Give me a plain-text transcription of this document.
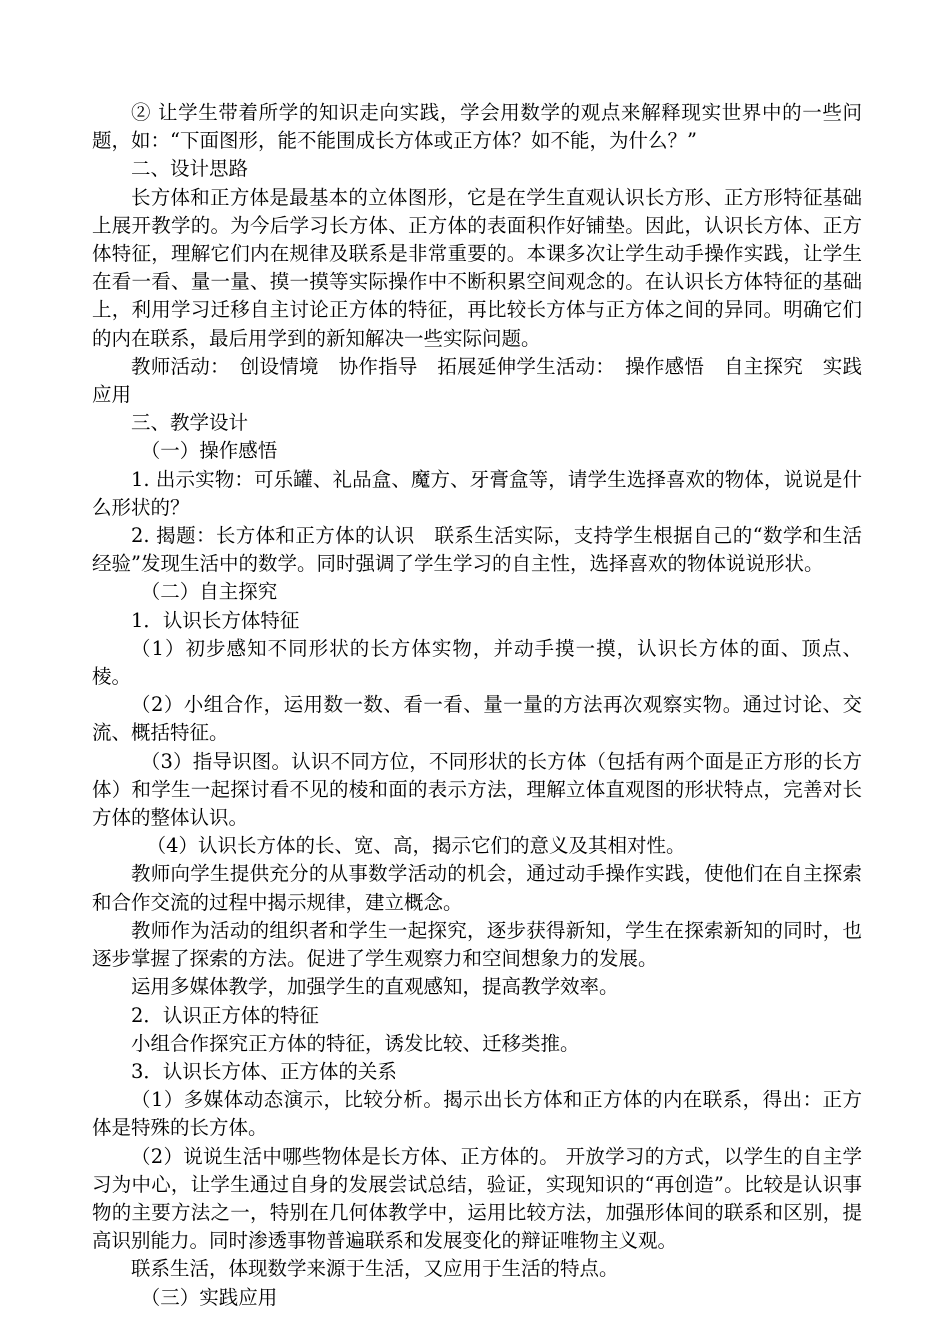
② 让学生带着所学的知识走向实践，学会用数学的观点来解释现实世界中的一些问题，如：“下面图形，能不能围成长方体或正方体？如不能，为什么？”

二、设计思路

长方体和正方体是最基本的立体图形，它是在学生直观认识长方形、正方形特征基础上展开教学的。为今后学习长方体、正方体的表面积作好铺垫。因此，认识长方体、正方体特征，理解它们内在规律及联系是非常重要的。本课多次让学生动手操作实践，让学生在看一看、量一量、摸一摸等实际操作中不断积累空间观念的。在认识长方体特征的基础上，利用学习迁移自主讨论正方体的特征，再比较长方体与正方体之间的异同。明确它们的内在联系，最后用学到的新知解决一些实际问题。

教师活动：　创设情境　协作指导　拓展延伸学生活动：　操作感悟　自主探究　实践应用

三、教学设计

（一）操作感悟

1. 出示实物：可乐罐、礼品盒、魔方、牙膏盒等，请学生选择喜欢的物体，说说是什么形状的？

2. 揭题：长方体和正方体的认识　联系生活实际，支持学生根据自己的“数学和生活经验”发现生活中的数学。同时强调了学生学习的自主性，选择喜欢的物体说说形状。

（二）自主探究

1．认识长方体特征

（1）初步感知不同形状的长方体实物，并动手摸一摸，认识长方体的面、顶点、棱。

（2）小组合作，运用数一数、看一看、量一量的方法再次观察实物。通过讨论、交流、概括特征。

（3）指导识图。认识不同方位，不同形状的长方体（包括有两个面是正方形的长方体）和学生一起探讨看不见的棱和面的表示方法，理解立体直观图的形状特点，完善对长方体的整体认识。

（4）认识长方体的长、宽、高，揭示它们的意义及其相对性。

教师向学生提供充分的从事数学活动的机会，通过动手操作实践，使他们在自主探索和合作交流的过程中揭示规律，建立概念。

教师作为活动的组织者和学生一起探究，逐步获得新知，学生在探索新知的同时，也逐步掌握了探索的方法。促进了学生观察力和空间想象力的发展。

运用多媒体教学，加强学生的直观感知，提高教学效率。

2．认识正方体的特征

小组合作探究正方体的特征，诱发比较、迁移类推。

3．认识长方体、正方体的关系

（1）多媒体动态演示，比较分析。揭示出长方体和正方体的内在联系，得出：正方体是特殊的长方体。

（2）说说生活中哪些物体是长方体、正方体的。 开放学习的方式，以学生的自主学习为中心，让学生通过自身的发展尝试总结，验证，实现知识的“再创造”。比较是认识事物的主要方法之一，特别在几何体教学中，运用比较方法，加强形体间的联系和区别，提高识别能力。同时渗透事物普遍联系和发展变化的辩证唯物主义观。

联系生活，体现数学来源于生活，又应用于生活的特点。

（三）实践应用
